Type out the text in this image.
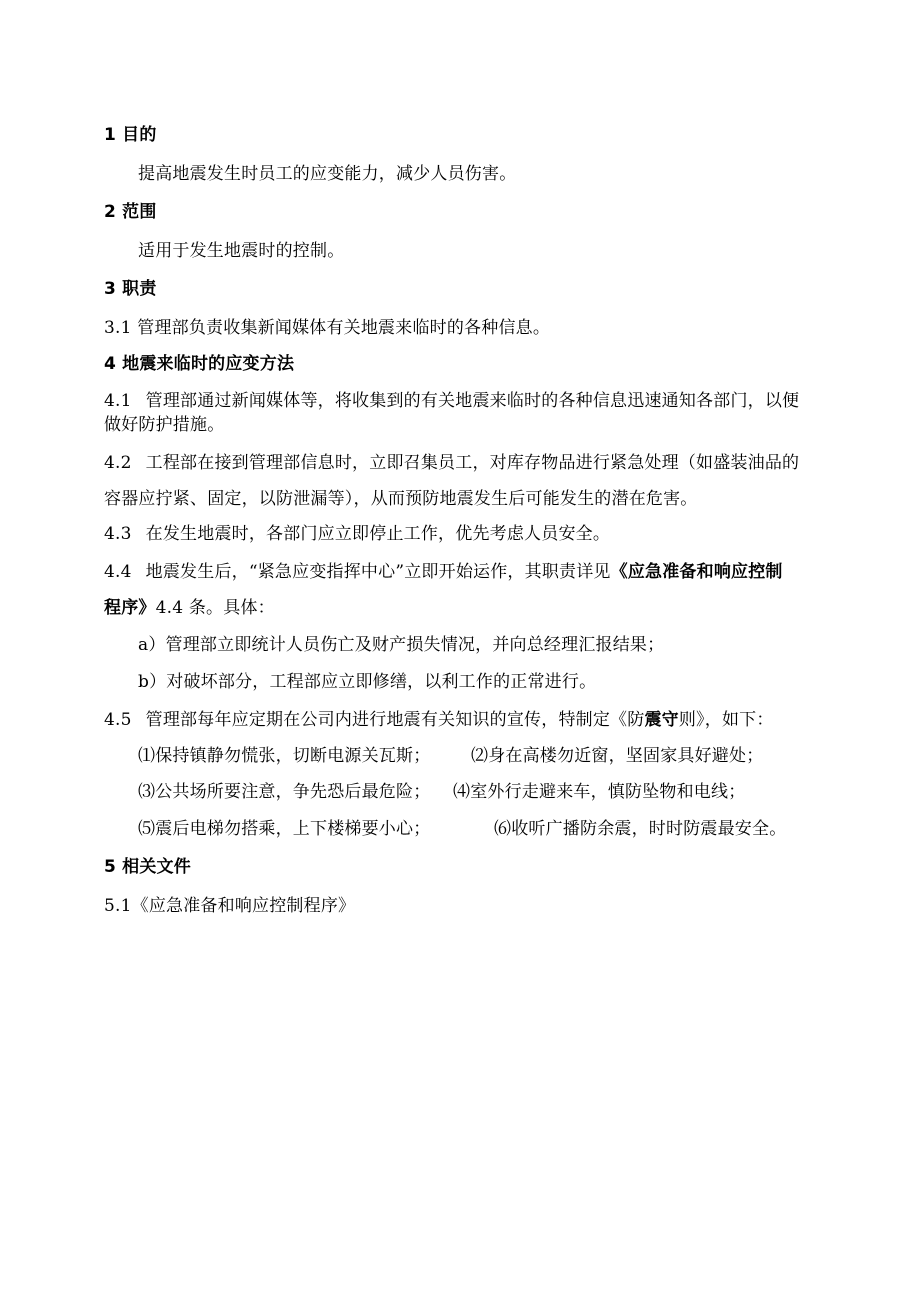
1 目的
提高地震发生时员工的应变能力，减少人员伤害。
2 范围
适用于发生地震时的控制。
3 职责
3.1 管理部负责收集新闻媒体有关地震来临时的各种信息。
4 地震来临时的应变方法
4.1 管理部通过新闻媒体等，将收集到的有关地震来临时的各种信息迅速通知各部门，以便
做好防护措施。
4.2 工程部在接到管理部信息时，立即召集员工，对库存物品进行紧急处理（如盛装油品的
容器应拧紧、固定，以防泄漏等），从而预防地震发生后可能发生的潜在危害。
4.3 在发生地震时，各部门应立即停止工作，优先考虑人员安全。
4.4 地震发生后，“紧急应变指挥中心”立即开始运作，其职责详见《应急准备和响应控制
程序》4.4 条。具体：
a）管理部立即统计人员伤亡及财产损失情况，并向总经理汇报结果；
b）对破坏部分，工程部应立即修缮，以利工作的正常进行。
4.5 管理部每年应定期在公司内进行地震有关知识的宣传，特制定《防震守则》，如下：
⑴保持镇静勿慌张，切断电源关瓦斯； ⑵身在高楼勿近窗，坚固家具好避处；
⑶公共场所要注意，争先恐后最危险； ⑷室外行走避来车，慎防坠物和电线；
⑸震后电梯勿搭乘，上下楼梯要小心；	⑹收听广播防余震，时时防震最安全。
5 相关文件
5.1《应急准备和响应控制程序》
